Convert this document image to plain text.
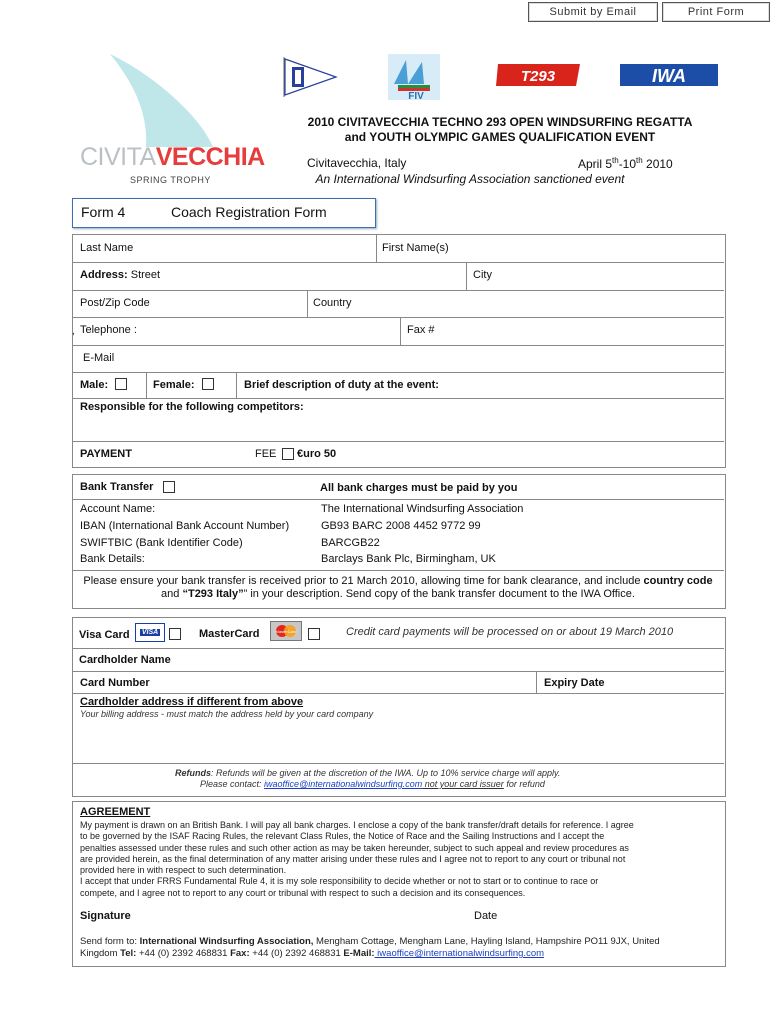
Submit by Email	Print Form
CIVITAVECCHIA
SPRING TROPHY
FIV
T293	IWA
2010 CIVITAVECCHIA TECHNO 293 OPEN WINDSURFING REGATTA
and YOUTH OLYMPIC GAMES QUALIFICATION EVENT
Civitavecchia, Italy	April 5th-10th 2010
An International Windsurfing Association sanctioned event
Form 4	Coach Registration Form
Last Name	First Name(s)
Address: Street	City
Post/Zip Code	Country
, Telephone :	Fax #
E-Mail
Male:	Female:	Brief description of duty at the event:
Responsible for the following competitors:
PAYMENT	FEE €uro 50
Bank Transfer	All bank charges must be paid by you
Account Name:	The International Windsurfing Association
IBAN (International Bank Account Number)	GB93 BARC 2008 4452 9772 99
SWIFTBIC (Bank Identifier Code)	BARCGB22
Bank Details:	Barclays Bank Plc, Birmingham, UK
Please ensure your bank transfer is received prior to 21 March 2010, allowing time for bank clearance, and include country code and “T293 Italy”” in your description. Send copy of the bank transfer document to the IWA Office.
Visa Card VISA	MasterCard	MasterCard	Credit card payments will be processed on or about 19 March 2010
Cardholder Name
Card Number	Expiry Date
Cardholder address if different from above
Your billing address - must match the address held by your card company
Refunds: Refunds will be given at the discretion of the IWA. Up to 10% service charge will apply.
Please contact: iwaoffice@internationalwindsurfing.com not your card issuer for refund
AGREEMENT
My payment is drawn on an British Bank. I will pay all bank charges. I enclose a copy of the bank transfer/draft details for reference. I agree
to be governed by the ISAF Racing Rules, the relevant Class Rules, the Notice of Race and the Sailing Instructions and I accept the
penalties assessed under these rules and such other action as may be taken hereunder, subject to such appeal and review procedures as
are provided herein, as the final determination of any matter arising under these rules and I agree not to report to any court or tribunal not
provided here in with respect to such determination.
I accept that under FRRS Fundamental Rule 4, it is my sole responsibility to decide whether or not to start or to continue to race or
compete, and I agree not to report to any court or tribunal with respect to such a decision and its consequences.
Signature	Date
Send form to: International Windsurfing Association, Mengham Cottage, Mengham Lane, Hayling Island, Hampshire PO11 9JX, United
Kingdom Tel: +44 (0) 2392 468831 Fax: +44 (0) 2392 468831 E-Mail: iwaoffice@internationalwindsurfing.com
